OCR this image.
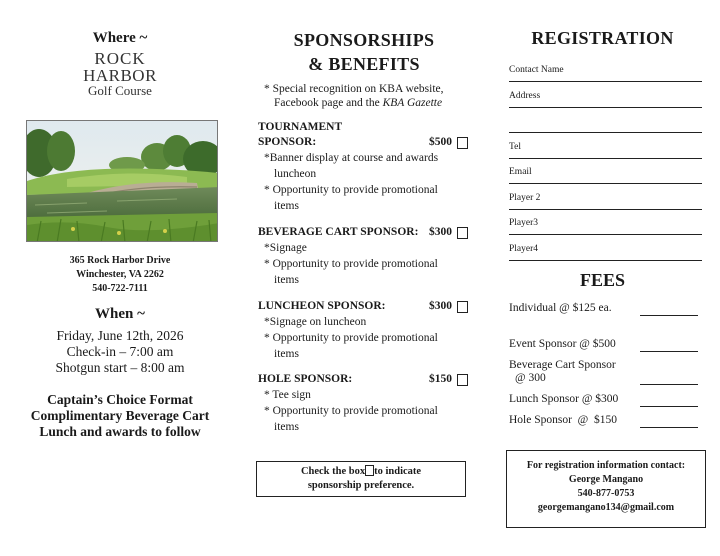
Where ~
ROCK
HARBOR
Golf Course
365 Rock Harbor Drive
Winchester, VA 2262
540-722-7111
When ~
Friday, June 12th, 2026
Check-in – 7:00 am
Shotgun start – 8:00 am
Captain’s Choice Format
Complimentary Beverage Cart
Lunch and awards to follow
SPONSORSHIPS
& BENEFITS
* Special recognition on KBA website,
Facebook page and the KBA Gazette
TOURNAMENT
SPONSOR:	$500
*Banner display at course and awards
luncheon
* Opportunity to provide promotional
items
BEVERAGE CART SPONSOR: $300
*Signage
* Opportunity to provide promotional
items
LUNCHEON SPONSOR:	$300
*Signage on luncheon
* Opportunity to provide promotional
items
HOLE SPONSOR:	$150
* Tee sign
* Opportunity to provide promotional
items
Check the box to indicate
sponsorship preference.
REGISTRATION
Contact Name
Address
Tel
Email
Player 2
Player3
Player4
FEES
Individual @ $125 ea.
Event Sponsor @ $500
Beverage Cart Sponsor
@ 300
Lunch Sponsor @ $300
Hole Sponsor  @  $150
For registration information contact:
George Mangano
540-877-0753
georgemangano134@gmail.com
